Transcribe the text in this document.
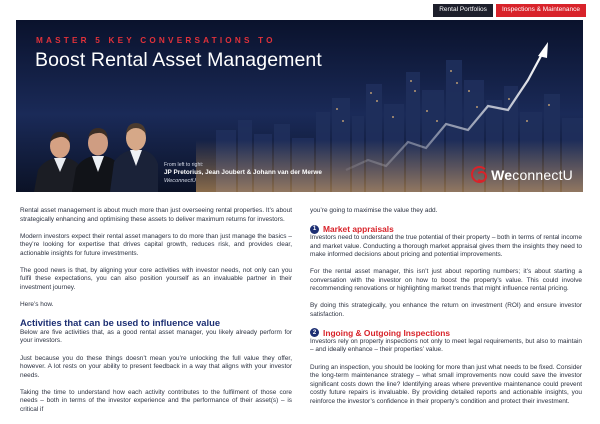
Rental Portfolios	Inspections & Maintenance
MASTER 5 KEY CONVERSATIONS TO
Boost Rental Asset Management
From left to right:
JP Pretorius, Jean Joubert & Johann van der Merwe
WeconnectU	WeconnectU

Rental asset management is about much more than just overseeing rental properties. It’s about strategically enhancing and optimising these assets to deliver maximum returns for investors.

Modern investors expect their rental asset managers to do more than just manage the basics – they’re looking for expertise that drives capital growth, reduces risk, and provides clear, actionable insights for future investments.

The good news is that, by aligning your core activities with investor needs, not only can you fulfil these expectations, you can also position yourself as an invaluable partner in their investment journey.

Here’s how.

Activities that can be used to influence value

Below are five activities that, as a good rental asset manager, you likely already perform for your investors.

Just because you do these things doesn’t mean you’re unlocking the full value they offer, however. A lot rests on your ability to present feedback in a way that aligns with your investor needs.

Taking the time to understand how each activity contributes to the fulfilment of those core needs – both in terms of the investor experience and the performance of their asset(s) – is critical if

you’re going to maximise the value they add.

1 Market appraisals

Investors need to understand the true potential of their property – both in terms of rental income and market value. Conducting a thorough market appraisal gives them the insights they need to make informed decisions about pricing and potential improvements.

For the rental asset manager, this isn’t just about reporting numbers; it’s about starting a conversation with the investor on how to boost the property’s value. This could involve recommending renovations or highlighting market trends that might influence rental pricing.

By doing this strategically, you enhance the return on investment (ROI) and ensure investor satisfaction.

2 Ingoing & Outgoing Inspections

Investors rely on property inspections not only to meet legal requirements, but also to maintain – and ideally enhance – their properties’ value.

During an inspection, you should be looking for more than just what needs to be fixed. Consider the long-term maintenance strategy – what small improvements now could save the investor significant costs down the line? Identifying areas where preventive maintenance could prevent costly future repairs is invaluable. By providing detailed reports and actionable insights, you reinforce the investor’s confidence in their property’s condition and protect their investment.
